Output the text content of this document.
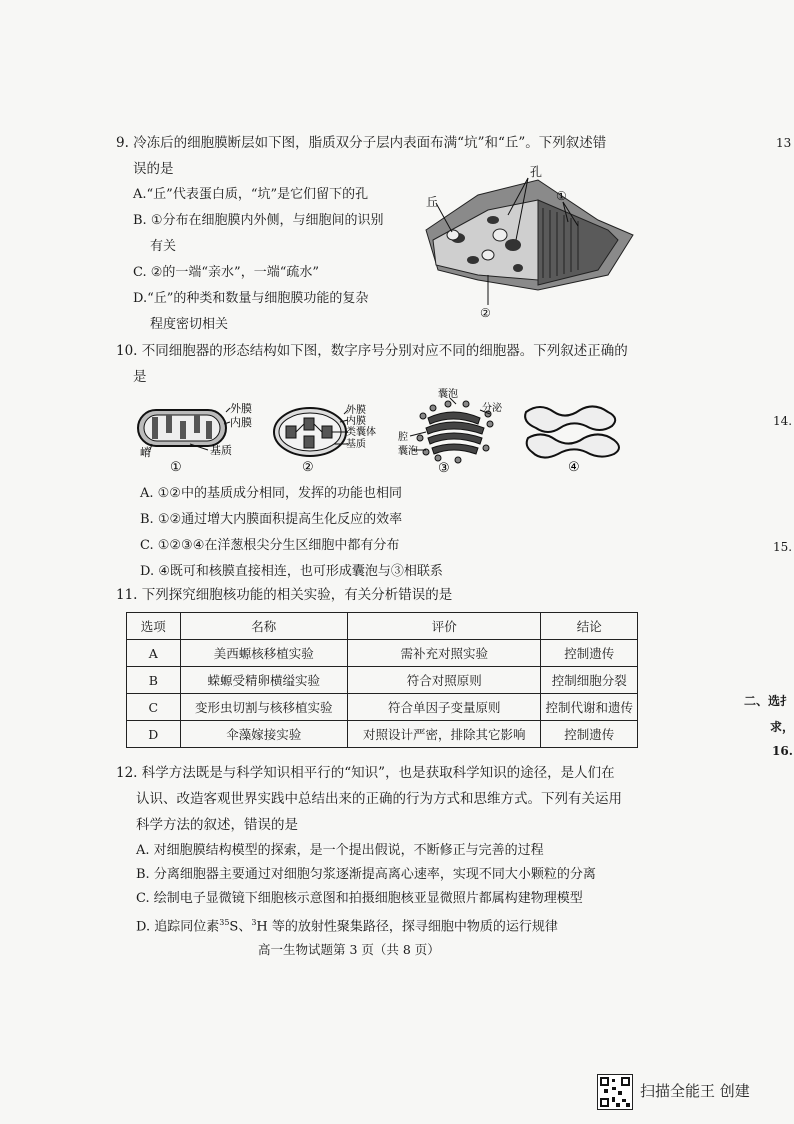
13
14.
15.
二、选扌
求，
16.
9. 冷冻后的细胞膜断层如下图，脂质双分子层内表面布满“坑”和“丘”。下列叙述错
误的是
A.“丘”代表蛋白质，“坑”是它们留下的孔
B. ①分布在细胞膜内外侧，与细胞间的识别
有关
C. ②的一端“亲水”，一端“疏水”
D.“丘”的种类和数量与细胞膜功能的复杂
程度密切相关
丘
孔
①
②
10. 不同细胞器的形态结构如下图，数字序号分别对应不同的细胞器。下列叙述正确的
是
外膜
内膜
嵴	基质
①
外膜
内膜
类囊体
基质
②
囊泡
分泌
腔
囊泡
③	④
A. ①②中的基质成分相同，发挥的功能也相同
B. ①②通过增大内膜面积提高生化反应的效率
C. ①②③④在洋葱根尖分生区细胞中都有分布
D. ④既可和核膜直接相连，也可形成囊泡与③相联系
11. 下列探究细胞核功能的相关实验，有关分析错误的是
选项	名称	评价	结论
A	美西螈核移植实验	需补充对照实验	控制遗传
B	蝾螈受精卵横缢实验	符合对照原则	控制细胞分裂
C	变形虫切割与核移植实验	符合单因子变量原则	控制代谢和遗传
D	伞藻嫁接实验	对照设计严密，排除其它影响	控制遗传
12. 科学方法既是与科学知识相平行的“知识”，也是获取科学知识的途径，是人们在
认识、改造客观世界实践中总结出来的正确的行为方式和思维方式。下列有关运用
科学方法的叙述，错误的是
A. 对细胞膜结构模型的探索，是一个提出假说，不断修正与完善的过程
B. 分离细胞器主要通过对细胞匀浆逐渐提高离心速率，实现不同大小颗粒的分离
C. 绘制电子显微镜下细胞核示意图和拍摄细胞核亚显微照片都属构建物理模型
D. 追踪同位素$^{35}$S、$^3$H 等的放射性聚集路径，探寻细胞中物质的运行规律
高一生物试题第 3 页（共 8 页）
扫描全能王 创建
